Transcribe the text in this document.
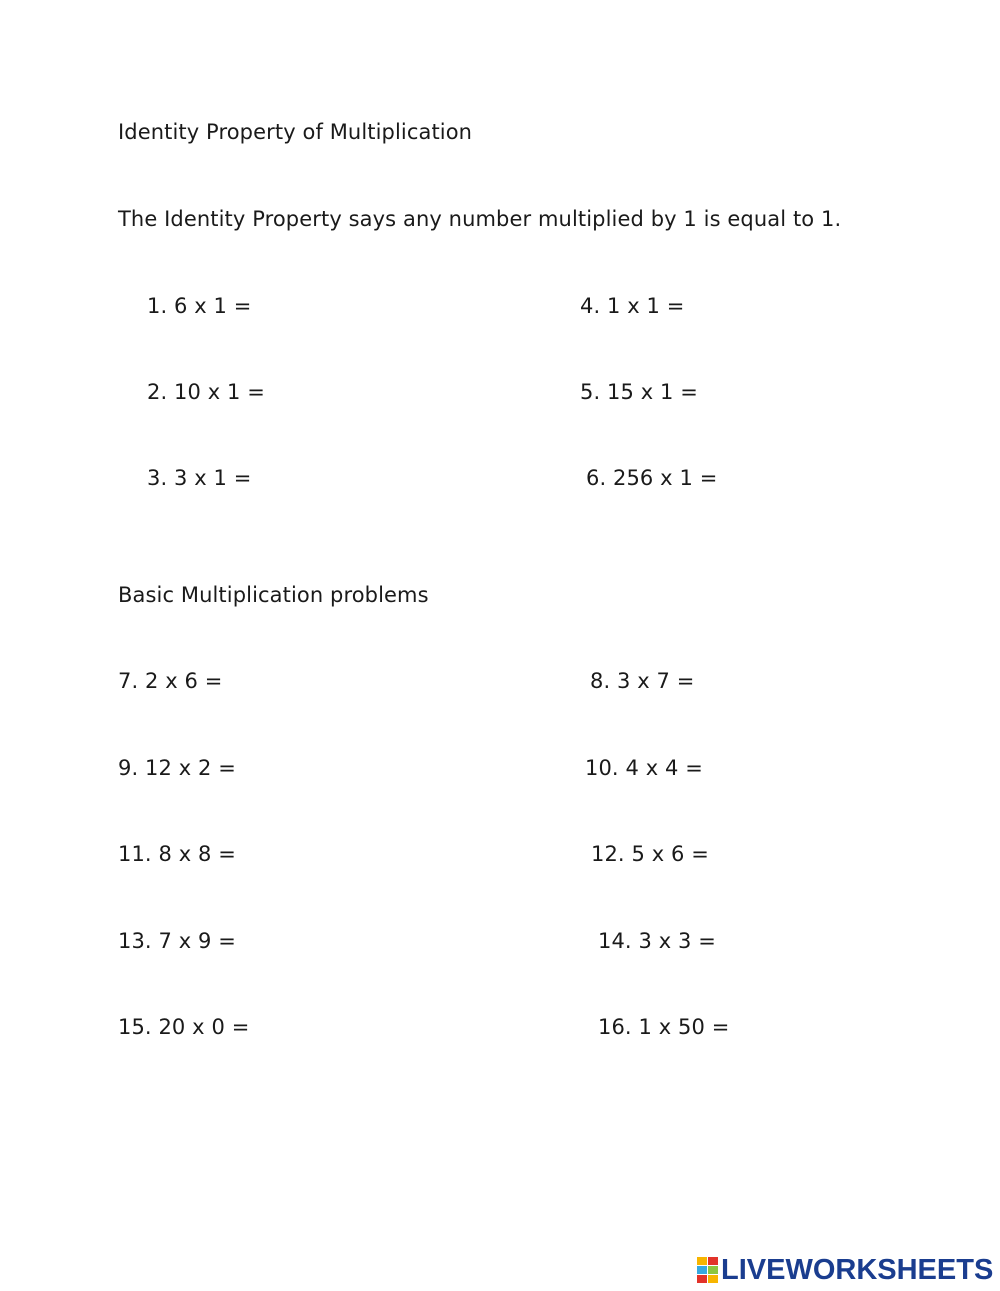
Identity Property of Multiplication
The Identity Property says any number multiplied by 1 is equal to 1.
1. 6 x 1 =	4. 1 x 1 =
2. 10 x 1 =	5. 15 x 1 =
3. 3 x 1 =	6. 256 x 1 =
Basic Multiplication problems
7. 2 x 6 =	8. 3 x 7 =
9. 12 x 2 =	10. 4 x 4 =
11. 8 x 8 =	12. 5 x 6 =
13. 7 x 9 =	14. 3 x 3 =
15. 20 x 0 =	16. 1 x 50 =
LIVEWORKSHEETS
